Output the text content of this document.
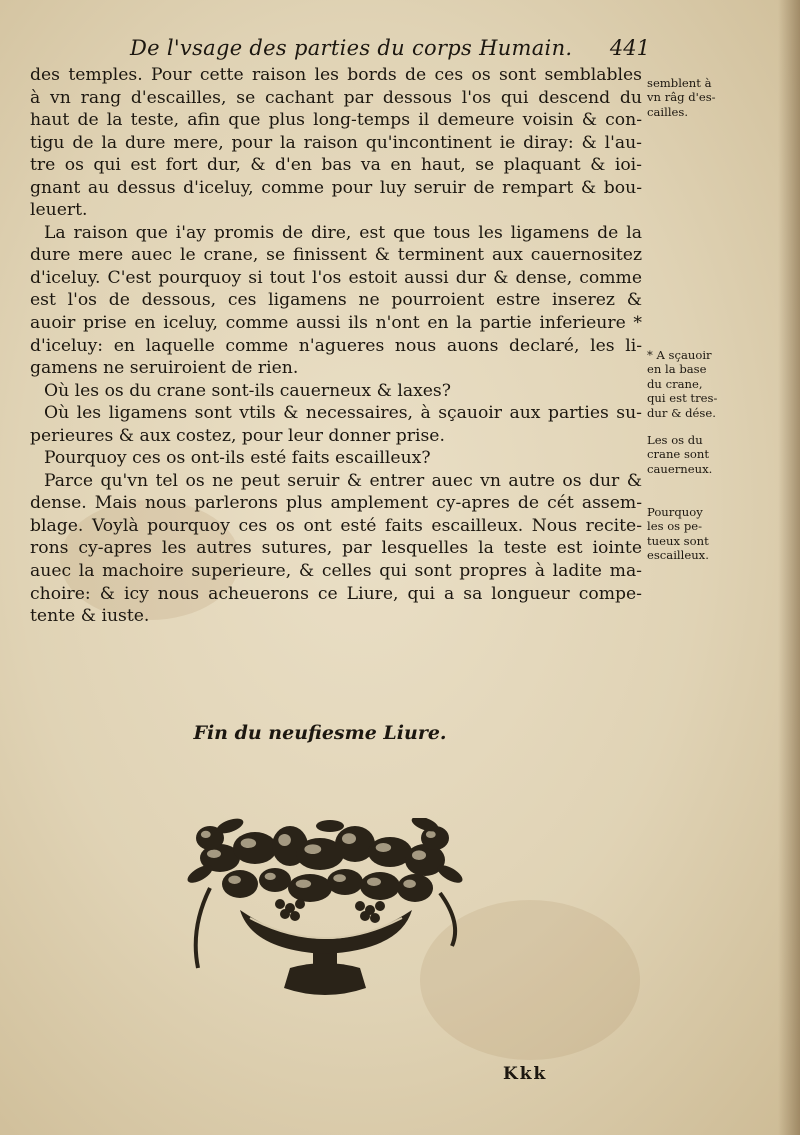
De l'vsage des parties du corps Humain. 441
des temples. Pour cette raison les bords de ces os sont semblables
à vn rang d'escailles, se cachant par dessous l'os qui descend du
haut de la teste, afin que plus long-temps il demeure voisin & con-
tigu de la dure mere, pour la raison qu'incontinent ie diray: & l'au-
tre os qui est fort dur, & d'en bas va en haut, se plaquant & ioi-
gnant au dessus d'iceluy, comme pour luy seruir de rempart & bou-
leuert.
La raison que i'ay promis de dire, est que tous les ligamens de la
dure mere auec le crane, se finissent & terminent aux cauernositez
d'iceluy. C'est pourquoy si tout l'os estoit aussi dur & dense, comme
est l'os de dessous, ces ligamens ne pourroient estre inserez &
auoir prise en iceluy, comme aussi ils n'ont en la partie inferieure *
d'iceluy: en laquelle comme n'agueres nous auons declaré, les li-
gamens ne seruiroient de rien.
Où les os du crane sont-ils cauerneux & laxes?
Où les ligamens sont vtils & necessaires, à sçauoir aux parties su-
perieures & aux costez, pour leur donner prise.
Pourquoy ces os ont-ils esté faits escailleux?
Parce qu'vn tel os ne peut seruir & entrer auec vn autre os dur &
dense. Mais nous parlerons plus amplement cy-apres de cét assem-
blage. Voylà pourquoy ces os ont esté faits escailleux. Nous recite-
rons cy-apres les autres sutures, par lesquelles la teste est iointe
auec la machoire superieure, & celles qui sont propres à ladite ma-
choire: & icy nous acheuerons ce Liure, qui a sa longueur compe-
tente & iuste.
semblent à
vn râg d'es-
cailles.
* A sçauoir
en la base
du crane,
qui est tres-
dur & dése.
Les os du
crane sont
cauerneux.
Pourquoy
les os pe-
tueux sont
escailleux.
Fin du neufiesme Liure.
Kkk
